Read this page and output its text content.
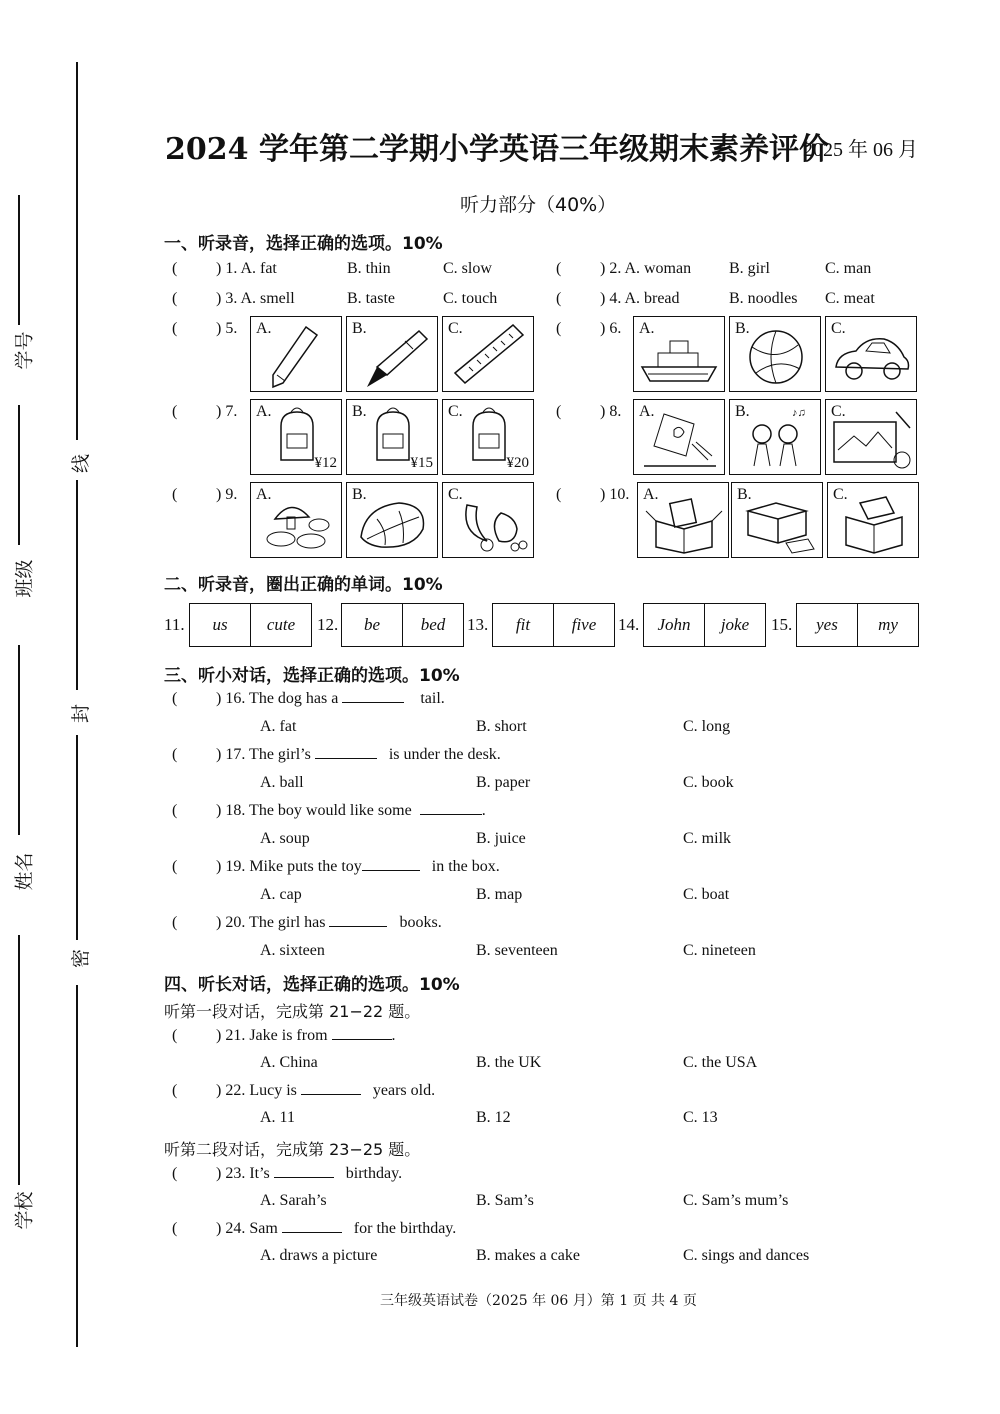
线
封
密
学号
班级
姓名
学校
2024 学年第二学期小学英语三年级期末素养评价
2025 年 06 月
听力部分（40%）
一、听录音，选择正确的选项。10%
( ) 1. A. fat	B. thin	C. slow	( ) 2. A. woman B. girl	C. man
( ) 3. A. smell	B. taste	C. touch	( ) 4. A. bread	B. noodles C. meat
( ) 5. A.	B.	C.	( ) 6. A.	B.	C.
( ) 7. A.
¥12
B.
¥15
C.
¥20
( ) 8. A.	B.	♪♫ C.
( ) 9. A.	B.	C.	( ) 10. A.	B.	C.
二、听录音，圈出正确的单词。10%
11.	us	cute	12.	be	bed	13.	fit	five	14.	John	joke	15.	yes	my
三、听小对话，选择正确的选项。10%
( ) 16. The dog has a	tail.
A. fat	B. short	C. long
( ) 17. The girl’s	is under the desk.
A. ball	B. paper	C. book
( ) 18. The boy would like some	.
A. soup	B. juice	C. milk
( ) 19. Mike puts the toy	in the box.
A. cap	B. map	C. boat
( ) 20. The girl has	books.
A. sixteen	B. seventeen	C. nineteen
四、听长对话，选择正确的选项。10%
听第一段对话，完成第 21−22 题。
( ) 21. Jake is from	.
A. China	B. the UK	C. the USA
( ) 22. Lucy is	years old.
A. 11	B. 12	C. 13
听第二段对话，完成第 23−25 题。
( ) 23. It’s	birthday.
A. Sarah’s	B. Sam’s	C. Sam’s mum’s
( ) 24. Sam	for the birthday.
A. draws a picture	B. makes a cake	C. sings and dances
三年级英语试卷（2025 年 06 月）第 1 页 共 4 页
